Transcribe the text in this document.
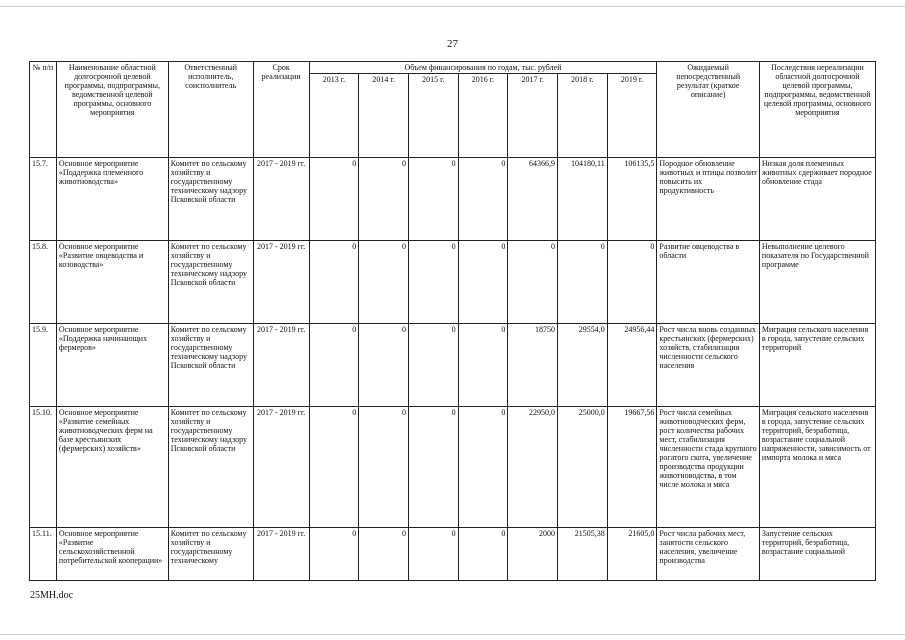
27
№ п/п	Наименование областной долгосрочной целевой программы, подпрограммы, ведомственной целевой программы, основного мероприятия	Ответственный исполнитель, соисполнитель	Срок реализации	Объем финансирования по годам, тыс. рублей							Ожидаемый непосредственный результат (краткое описание)	Последствия нереализации областной долгосрочной целевой программы, подпрограммы, ведомственной целевой программы, основного мероприятия
				2013 г.	2014 г.	2015 г.	2016 г.	2017 г.	2018 г.	2019 г.		
15.7.	Основное мероприятие «Поддержка племенного животноводства»	Комитет по сельскому хозяйству и государственному техническому надзору Псковской области	2017 - 2019 гг.	0	0	0	0	64366,9	104180,11	106135,5	Породное обновление животных и птицы позволит повысить их продуктивность	Низкая доля племенных животных сдерживает породное обновление стада
15.8.	Основное мероприятие «Развитие овцеводства и козоводства»	Комитет по сельскому хозяйству и государственному техническому надзору Псковской области	2017 - 2019 гг.	0	0	0	0	0	0	0	Развитие овцеводства в области	Невыполнение целевого показателя по Государственной программе
15.9.	Основное мероприятие «Поддержка начинающих фермеров»	Комитет по сельскому хозяйству и государственному техническому надзору Псковской области	2017 - 2019 гг.	0	0	0	0	18750	29554,0	24956,44	Рост числа вновь созданных крестьянских (фермерских) хозяйств, стабилизация численности сельского населения	Миграция сельского населения в города, запустение сельских территорий
15.10.	Основное мероприятие «Развитие семейных животноводческих ферм на базе крестьянских (фермерских) хозяйств»	Комитет по сельскому хозяйству и государственному техническому надзору Псковской области	2017 - 2019 гг.	0	0	0	0	22950,0	25000,0	19667,56	Рост числа семейных животноводческих ферм, рост количества рабочих мест, стабилизация численности стада крупного рогатого скота, увеличение производства продукции животноводства, в том числе молока и мяса	Миграция сельского населения в города, запустение сельских территорий, безработица, возрастание социальной напряженности, зависимость от импорта молока и мяса
15.11.	Основное мероприятие «Развитие сельскохозяйственной потребительской кооперации»	Комитет по сельскому хозяйству и государственному техническому	2017 - 2019 гг.	0	0	0	0	2000	21505,38	21605,0	Рост числа рабочих мест, занятости сельского населения, увеличение производства	Запустение сельских территорий, безработица, возрастание социальной
25MH.doc
